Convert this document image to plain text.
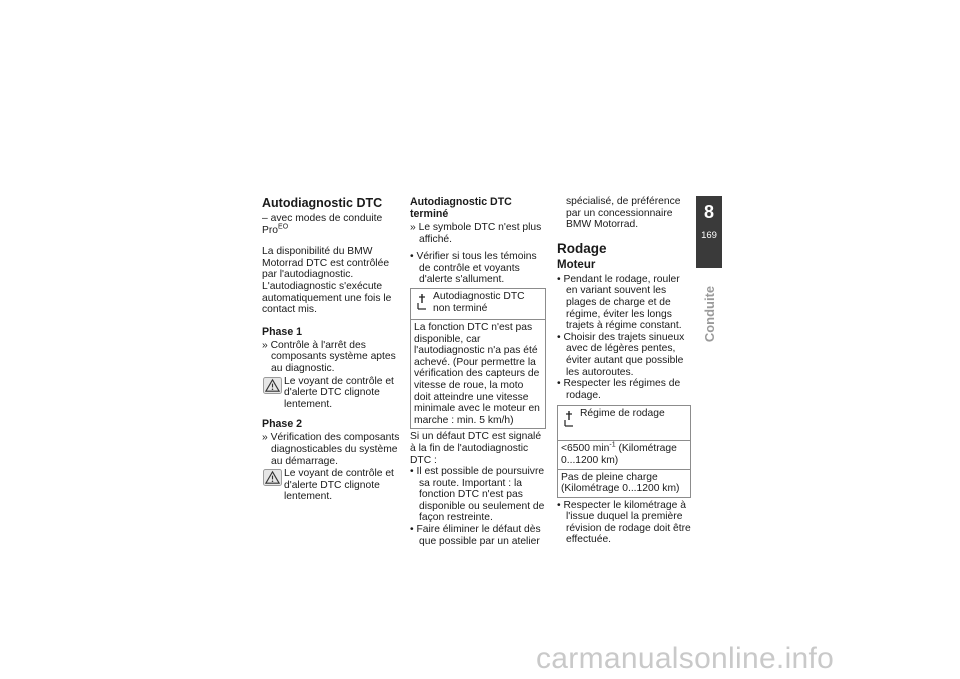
Autodiagnostic DTC

– avec modes de conduite Pro$^{EO}$

La disponibilité du BMW Motorrad DTC est contrôlée par l'autodiagnostic. L'autodiagnostic s'exécute automatiquement une fois le contact mis.

Phase 1

» Contrôle à l'arrêt des composants système aptes au diagnostic.

Le voyant de contrôle et d'alerte DTC clignote lentement.
Phase 2

» Vérification des composants diagnosticables du système au démarrage.

Le voyant de contrôle et d'alerte DTC clignote lentement.
Autodiagnostic DTC terminé

» Le symbole DTC n'est plus affiché.

• Vérifier si tous les témoins de contrôle et voyants d'alerte s'allument.

Autodiagnostic DTC non terminé
La fonction DTC n'est pas disponible, car l'autodiagnostic n'a pas été achevé. (Pour permettre la vérification des capteurs de vitesse de roue, la moto doit atteindre une vitesse minimale avec le moteur en marche : min. 5 km/h)

Si un défaut DTC est signalé à la fin de l'autodiagnostic DTC :

• Il est possible de poursuivre sa route. Important : la fonction DTC n'est pas disponible ou seulement de façon restreinte.
• Faire éliminer le défaut dès que possible par un atelier

spécialisé, de préférence par un concessionnaire BMW Motorrad.

Rodage
Moteur
• Pendant le rodage, rouler en variant souvent les plages de charge et de régime, éviter les longs trajets à régime constant.
• Choisir des trajets sinueux avec de légères pentes, éviter autant que possible les autoroutes.
• Respecter les régimes de rodage.
Régime de rodage
<6500 $\min^{-1}$ (Kilométrage 0...1200 km)
Pas de pleine charge (Kilométrage 0...1200 km)
• Respecter le kilométrage à l'issue duquel la première révision de rodage doit être effectuée.
8
169
Conduite
carmanualsonline.info
